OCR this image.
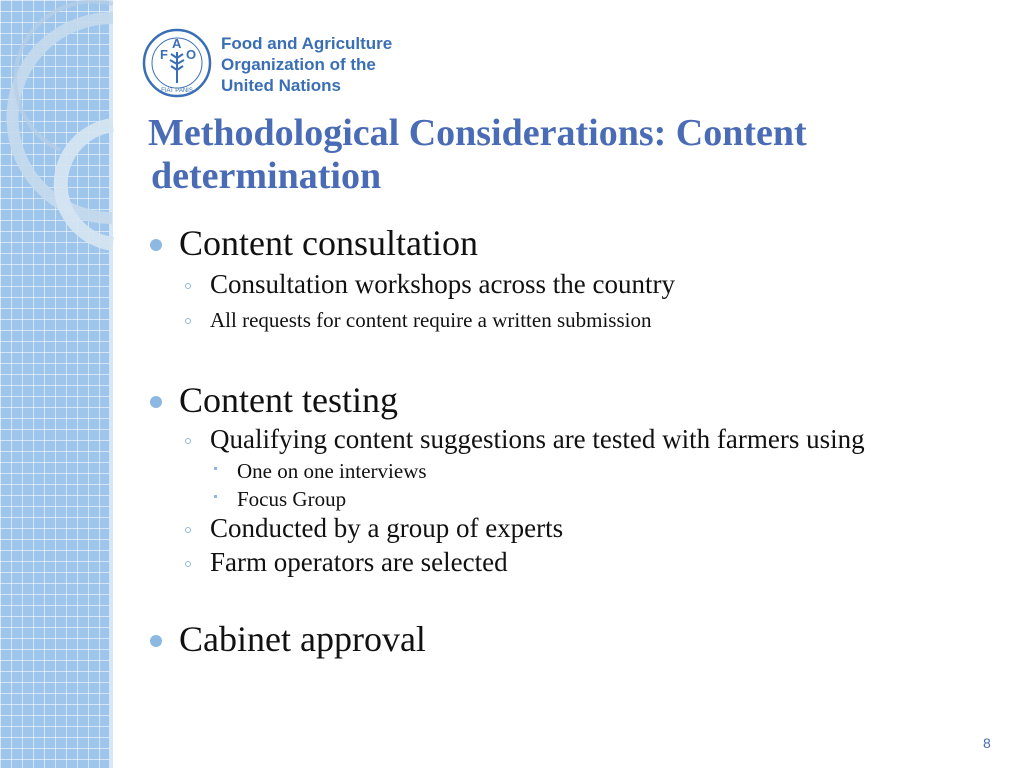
F
A
O
FIAT PANIS
Food and Agriculture
Organization of the
United Nations
Methodological Considerations: Content
determination
Content consultation
Consultation workshops across the country
All requests for content require a written submission
Content testing
Qualifying content suggestions are tested with farmers using
One on one interviews
Focus Group
Conducted by a group of experts
Farm operators are selected
Cabinet approval
8
